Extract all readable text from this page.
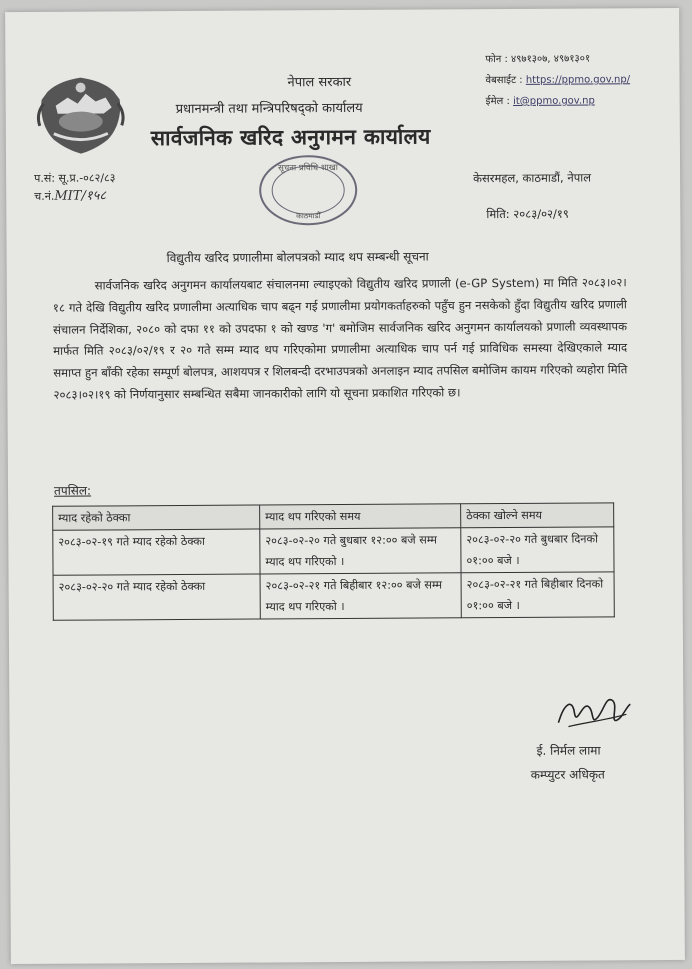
नेपाल सरकार
प्रधानमन्त्री तथा मन्त्रिपरिषद्को कार्यालय
सार्वजनिक खरिद अनुगमन कार्यालय
फोन : ४९७१३०७, ४९७१३०१
वेबसाईट : https://ppmo.gov.np/
ईमेल : it@ppmo.gov.np
सूचना प्रविधि शाखा
काठमाडौं
प.सं: सू.प्र.-०८२/८३
च.नं.MIT/१५८
केसरमहल, काठमाडौं, नेपाल
मिति: २०८३/०२/१९
विद्युतीय खरिद प्रणालीमा बोलपत्रको म्याद थप सम्बन्धी सूचना

सार्वजनिक खरिद अनुगमन कार्यालयबाट संचालनमा ल्याइएको विद्युतीय खरिद प्रणाली (e-GP System) मा मिति २०८३।०२।१८ गते देखि विद्युतीय खरिद प्रणालीमा अत्याधिक चाप बढ्न गई प्रणालीमा प्रयोगकर्ताहरुको पहुँच हुन नसकेको हुँदा विद्युतीय खरिद प्रणाली संचालन निर्देशिका, २०८० को दफा ११ को उपदफा १ को खण्ड 'ग' बमोजिम सार्वजनिक खरिद अनुगमन कार्यालयको प्रणाली व्यवस्थापक मार्फत मिति २०८३/०२/१९ र २० गते सम्म म्याद थप गरिएकोमा प्रणालीमा अत्याधिक चाप पर्न गई प्राविधिक समस्या देखिएकाले म्याद समाप्त हुन बाँकी रहेका सम्पूर्ण बोलपत्र, आशयपत्र र शिलबन्दी दरभाउपत्रको अनलाइन म्याद तपसिल बमोजिम कायम गरिएको व्यहोरा मिति २०८३।०२।१९ को निर्णयानुसार सम्बन्धित सबैमा जानकारीको लागि यो सूचना प्रकाशित गरिएको छ।

तपसिल:
म्याद रहेको ठेक्का	म्याद थप गरिएको समय	ठेक्का खोल्ने समय
२०८३-०२-१९ गते म्याद रहेको ठेक्का	२०८३-०२-२० गते बुधबार १२:०० बजे सम्म म्याद थप गरिएको ।	२०८३-०२-२० गते बुधबार दिनको ०१:०० बजे ।
२०८३-०२-२० गते म्याद रहेको ठेक्का	२०८३-०२-२१ गते बिहीबार १२:०० बजे सम्म म्याद थप गरिएको ।	२०८३-०२-२१ गते बिहीबार दिनको ०१:०० बजे ।
ई. निर्मल लामा
कम्प्युटर अधिकृत
